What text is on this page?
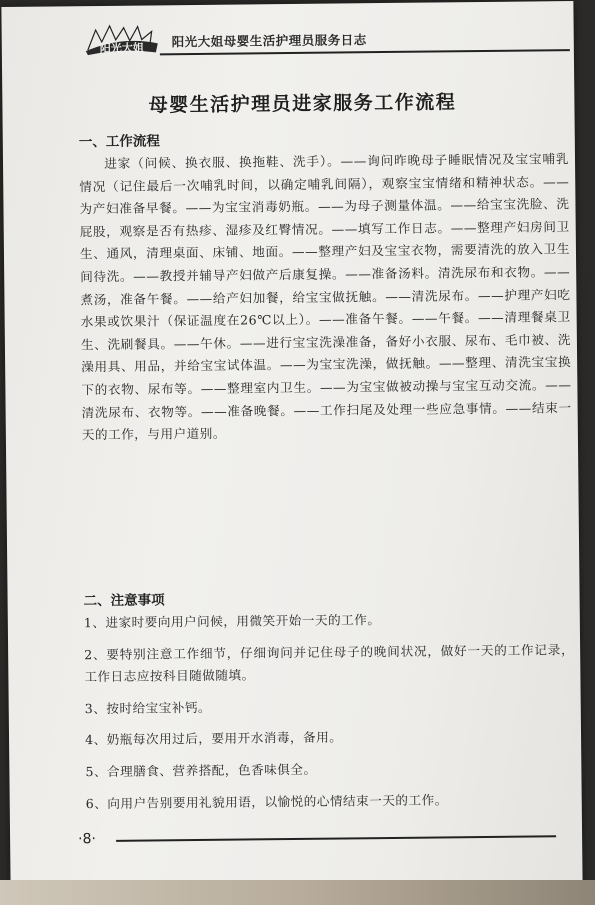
阳光大姐 阳光大姐母婴生活护理员服务日志
母婴生活护理员进家服务工作流程
一、工作流程

进家（问候、换衣服、换拖鞋、洗手）。——询问昨晚母子睡眠情况及宝宝哺乳情况（记住最后一次哺乳时间，以确定哺乳间隔），观察宝宝情绪和精神状态。——为产妇准备早餐。——为宝宝消毒奶瓶。——为母子测量体温。——给宝宝洗脸、洗屁股，观察是否有热疹、湿疹及红臀情况。——填写工作日志。——整理产妇房间卫生、通风，清理桌面、床铺、地面。——整理产妇及宝宝衣物，需要清洗的放入卫生间待洗。——教授并辅导产妇做产后康复操。——准备汤料。清洗尿布和衣物。——煮汤，准备午餐。——给产妇加餐，给宝宝做抚触。——清洗尿布。——护理产妇吃水果或饮果汁（保证温度在26℃以上）。——准备午餐。——午餐。——清理餐桌卫生、洗刷餐具。——午休。——进行宝宝洗澡准备，备好小衣服、尿布、毛巾被、洗澡用具、用品，并给宝宝试体温。——为宝宝洗澡，做抚触。——整理、清洗宝宝换下的衣物、尿布等。——整理室内卫生。——为宝宝做被动操与宝宝互动交流。——清洗尿布、衣物等。——准备晚餐。——工作扫尾及处理一些应急事情。——结束一天的工作，与用户道别。

二、注意事项
1、进家时要向用户问候，用微笑开始一天的工作。
2、要特别注意工作细节，仔细询问并记住母子的晚间状况，做好一天的工作记录，工作日志应按科目随做随填。
3、按时给宝宝补钙。
4、奶瓶每次用过后，要用开水消毒，备用。
5、合理膳食、营养搭配，色香味俱全。
6、向用户告别要用礼貌用语，以愉悦的心情结束一天的工作。
·8·
